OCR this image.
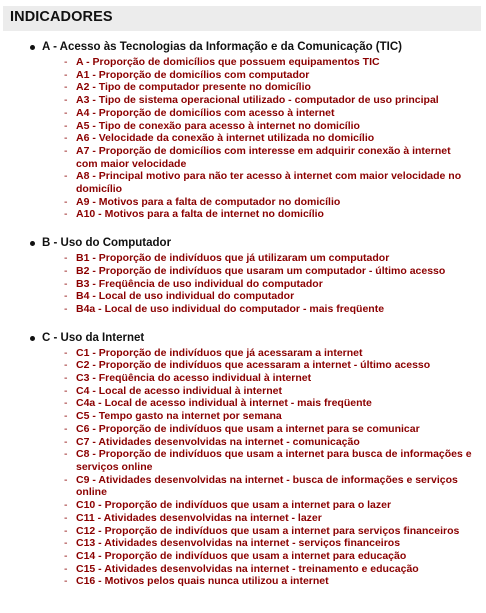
INDICADORES
A - Acesso às Tecnologias da Informação e da Comunicação (TIC)
- A - Proporção de domicílios que possuem equipamentos TIC
- A1 - Proporção de domicílios com computador
- A2 - Tipo de computador presente no domicílio
- A3 - Tipo de sistema operacional utilizado - computador de uso principal
- A4 - Proporção de domicílios com acesso à internet
- A5 - Tipo de conexão para acesso à internet no domicílio
- A6 - Velocidade da conexão à internet utilizada no domicílio
- A7 - Proporção de domicílios com interesse em adquirir conexão à internet com maior velocidade
- A8 - Principal motivo para não ter acesso à internet com maior velocidade no domicílio
- A9 - Motivos para a falta de computador no domicílio
- A10 - Motivos para a falta de internet no domicílio
B - Uso do Computador
- B1 - Proporção de indivíduos que já utilizaram um computador
- B2 - Proporção de indivíduos que usaram um computador - último acesso
- B3 - Freqüência de uso individual do computador
- B4 - Local de uso individual do computador
- B4a - Local de uso individual do computador - mais freqüente
C - Uso da Internet
- C1 - Proporção de indivíduos que já acessaram a internet
- C2 - Proporção de indivíduos que acessaram a internet - último acesso
- C3 - Freqüência do acesso individual à internet
- C4 - Local de acesso individual à internet
- C4a - Local de acesso individual à internet - mais freqüente
- C5 - Tempo gasto na internet por semana
- C6 - Proporção de indivíduos que usam a internet para se comunicar
- C7 - Atividades desenvolvidas na internet - comunicação
- C8 - Proporção de indivíduos que usam a internet para busca de informações e serviços online
- C9 - Atividades desenvolvidas na internet - busca de informações e serviços online
- C10 - Proporção de indivíduos que usam a internet para o lazer
- C11 - Atividades desenvolvidas na internet - lazer
- C12 - Proporção de indivíduos que usam a internet para serviços financeiros
- C13 - Atividades desenvolvidas na internet - serviços financeiros
- C14 - Proporção de indivíduos que usam a internet para educação
- C15 - Atividades desenvolvidas na internet - treinamento e educação
- C16 - Motivos pelos quais nunca utilizou a internet
